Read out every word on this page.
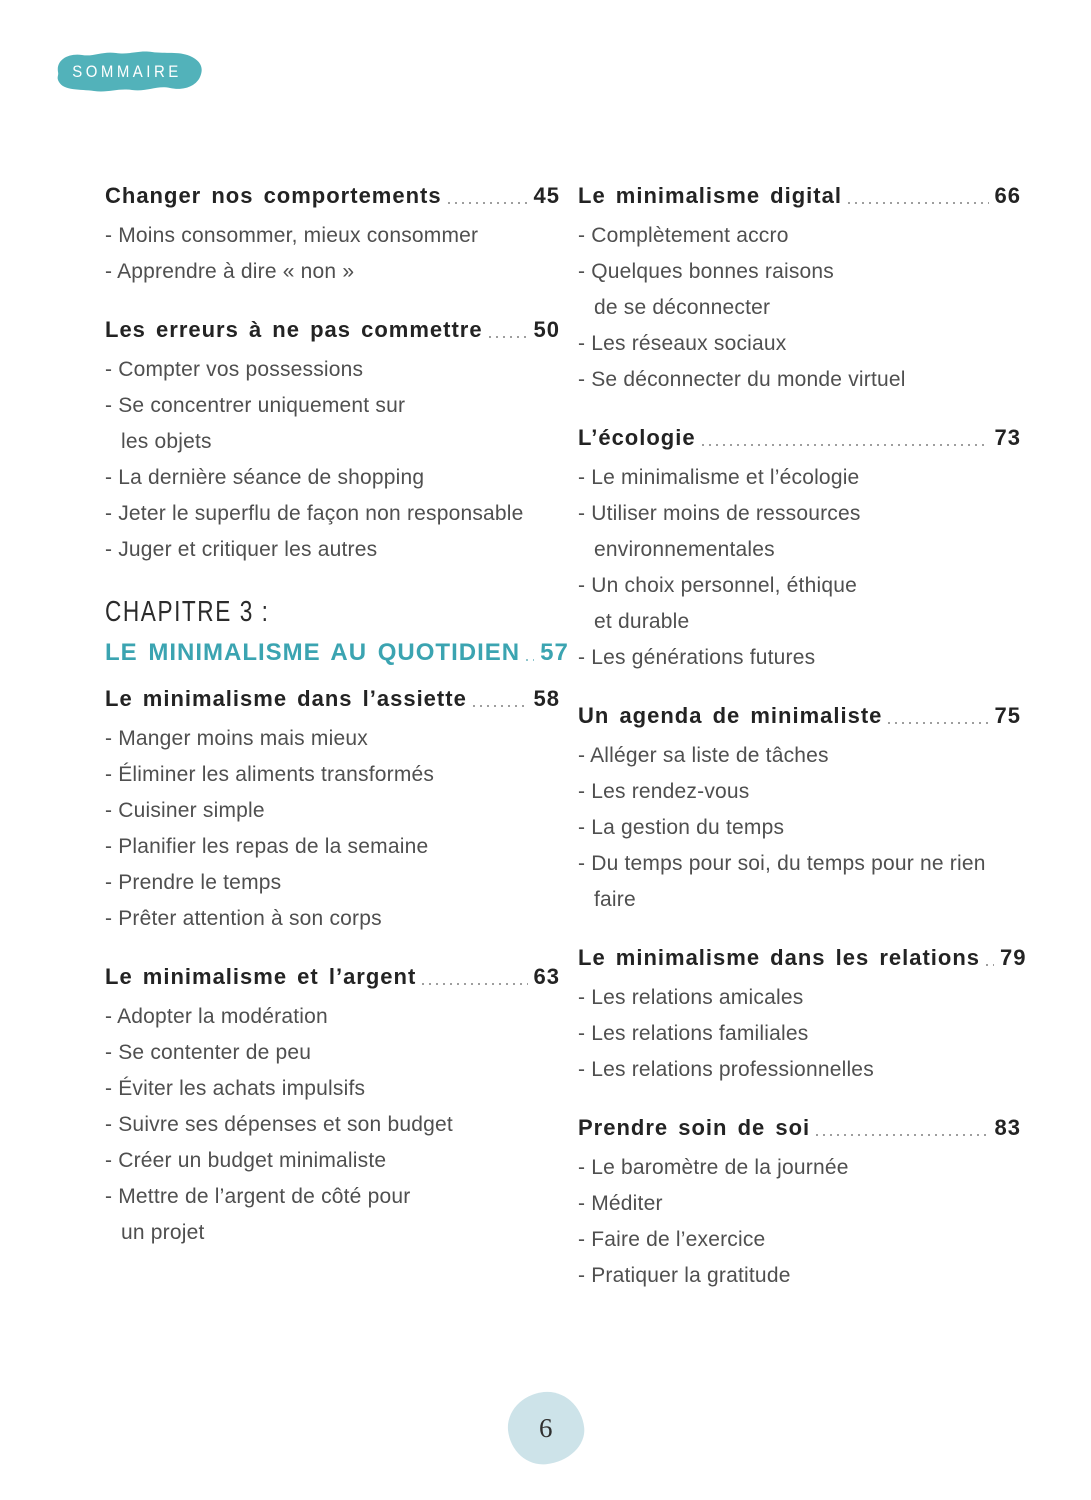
SOMMAIRE
Changer nos comportements	45
- Moins consommer, mieux consommer
- Apprendre à dire « non »
Les erreurs à ne pas commettre 50
- Compter vos possessions
- Se concentrer uniquement sur
les objets
- La dernière séance de shopping
- Jeter le superflu de façon non responsable
- Juger et critiquer les autres
CHAPITRE 3 :
LE MINIMALISME AU QUOTIDIEN 57
Le minimalisme dans l’assiette	58
- Manger moins mais mieux
- Éliminer les aliments transformés
- Cuisiner simple
- Planifier les repas de la semaine
- Prendre le temps
- Prêter attention à son corps
Le minimalisme et l’argent	63
- Adopter la modération
- Se contenter de peu
- Éviter les achats impulsifs
- Suivre ses dépenses et son budget
- Créer un budget minimaliste
- Mettre de l’argent de côté pour
un projet
Le minimalisme digital	66
- Complètement accro
- Quelques bonnes raisons
de se déconnecter
- Les réseaux sociaux
- Se déconnecter du monde virtuel
L’écologie	73
- Le minimalisme et l’écologie
- Utiliser moins de ressources
environnementales
- Un choix personnel, éthique
et durable
- Les générations futures
Un agenda de minimaliste	75
- Alléger sa liste de tâches
- Les rendez-vous
- La gestion du temps
- Du temps pour soi, du temps pour ne rien
faire
Le minimalisme dans les relations 79
- Les relations amicales
- Les relations familiales
- Les relations professionnelles
Prendre soin de soi	83
- Le baromètre de la journée
- Méditer
- Faire de l’exercice
- Pratiquer la gratitude
6
